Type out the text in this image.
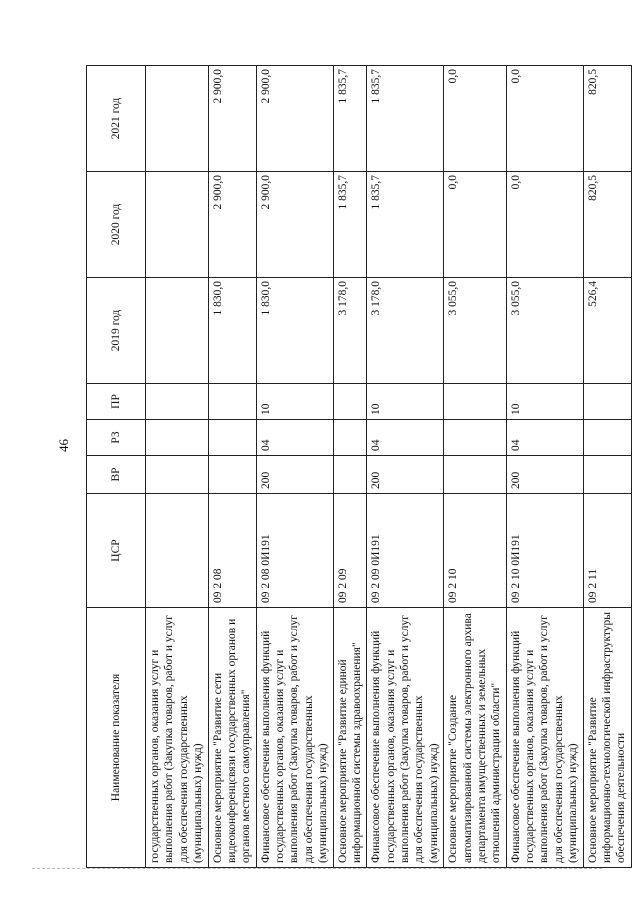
46
Наименование показателя	ЦСР	ВР	РЗ	ПР	2019 год	2020 год	2021 год
государственных органов, оказания услуг и выполнения работ (Закупка товаров, работ и услуг для обеспечения государственных (муниципальных) нужд)							
Основное мероприятие "Развитие сети видеоконференцсвязи государственных органов и органов местного самоуправления"	09 2 08				1 830,0	2 900,0	2 900,0
Финансовое обеспечение выполнения функций государственных органов, оказания услуг и выполнения работ (Закупка товаров, работ и услуг для обеспечения государственных (муниципальных) нужд)	09 2 08 0И191	200	04	10	1 830,0	2 900,0	2 900,0
Основное мероприятие "Развитие единой информационной системы здравоохранения"	09 2 09				3 178,0	1 835,7	1 835,7
Финансовое обеспечение выполнения функций государственных органов, оказания услуг и выполнения работ (Закупка товаров, работ и услуг для обеспечения государственных (муниципальных) нужд)	09 2 09 0И191	200	04	10	3 178,0	1 835,7	1 835,7
Основное мероприятие "Создание автоматизированной системы электронного архива департамента имущественных и земельных отношений администрации области"	09 2 10				3 055,0	0,0	0,0
Финансовое обеспечение выполнения функций государственных органов, оказания услуг и выполнения работ (Закупка товаров, работ и услуг для обеспечения государственных (муниципальных) нужд)	09 2 10 0И191	200	04	10	3 055,0	0,0	0,0
Основное мероприятие "Развитие информационно-технологической инфраструктуры обеспечения деятельности	09 2 11				526,4	820,5	820,5
